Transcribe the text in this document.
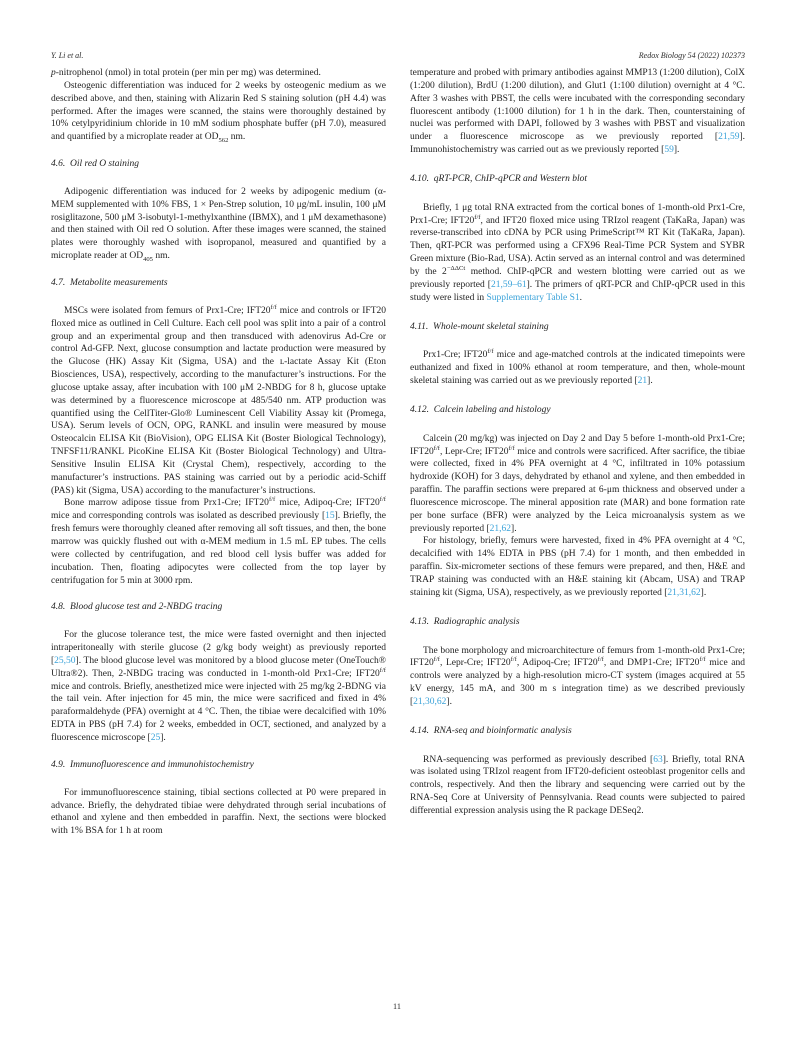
Y. Li et al.	Redox Biology 54 (2022) 102373

p-nitrophenol (nmol) in total protein (per min per mg) was determined.

Osteogenic differentiation was induced for 2 weeks by osteogenic medium as we described above, and then, staining with Alizarin Red S staining solution (pH 4.4) was performed. After the images were scanned, the stains were thoroughly destained by 10% cetylpyridinium chloride in 10 mM sodium phosphate buffer (pH 7.0), measured and quantified by a microplate reader at $OD_{562}$ nm.

4.6.  Oil red O staining

Adipogenic differentiation was induced for 2 weeks by adipogenic medium (α-MEM supplemented with 10% FBS, 1 × Pen-Strep solution, 10 μg/mL insulin, 100 μM rosiglitazone, 500 μM 3-isobutyl-1-methylxanthine (IBMX), and 1 μM dexamethasone) and then stained with Oil red O solution. After these images were scanned, the stained plates were thoroughly washed with isopropanol, measured and quantified by a microplate reader at $OD_{405}$ nm.

4.7.  Metabolite measurements

MSCs were isolated from femurs of Prx1-Cre; $IFT20^{f/f}$ mice and controls or IFT20 floxed mice as outlined in Cell Culture. Each cell pool was split into a pair of a control group and an experimental group and then transduced with adenovirus Ad-Cre or control Ad-GFP. Next, glucose consumption and lactate production were measured by the Glucose (HK) Assay Kit (Sigma, USA) and the ʟ-lactate Assay Kit (Eton Biosciences, USA), respectively, according to the manufacturer’s instructions. For the glucose uptake assay, after incubation with 100 μM 2-NBDG for 8 h, glucose uptake was determined by a fluorescence microscope at 485/540 nm. ATP production was quantified using the CellTiter-Glo® Luminescent Cell Viability Assay kit (Promega, USA). Serum levels of OCN, OPG, RANKL and insulin were measured by mouse Osteocalcin ELISA Kit (BioVision), OPG ELISA Kit (Boster Biological Technology), TNFSF11/RANKL PicoKine ELISA Kit (Boster Biological Technology) and Ultra-Sensitive Insulin ELISA Kit (Crystal Chem), respectively, according to the manufacturer’s instructions. PAS staining was carried out by a periodic acid-Schiff (PAS) kit (Sigma, USA) according to the manufacturer’s instructions.

Bone marrow adipose tissue from Prx1-Cre; $IFT20^{f/f}$ mice, Adipoq-Cre; $IFT20^{f/f}$ mice and corresponding controls was isolated as described previously [15]. Briefly, the fresh femurs were thoroughly cleaned after removing all soft tissues, and then, the bone marrow was quickly flushed out with α-MEM medium in 1.5 mL EP tubes. The cells were collected by centrifugation, and red blood cell lysis buffer was added for incubation. Then, floating adipocytes were collected from the top layer by centrifugation for 5 min at 3000 rpm.

4.8.  Blood glucose test and 2-NBDG tracing

For the glucose tolerance test, the mice were fasted overnight and then injected intraperitoneally with sterile glucose (2 g/kg body weight) as previously reported [25,50]. The blood glucose level was monitored by a blood glucose meter (OneTouch® Ultra®2). Then, 2-NBDG tracing was conducted in 1-month-old Prx1-Cre; $IFT20^{f/f}$ mice and controls. Briefly, anesthetized mice were injected with 25 mg/kg 2-BDNG via the tail vein. After injection for 45 min, the mice were sacrificed and fixed in 4% paraformaldehyde (PFA) overnight at 4 °C. Then, the tibiae were decalcified with 10% EDTA in PBS (pH 7.4) for 2 weeks, embedded in OCT, sectioned, and analyzed by a fluorescence microscope [25].

4.9.  Immunofluorescence and immunohistochemistry

For immunofluorescence staining, tibial sections collected at P0 were prepared in advance. Briefly, the dehydrated tibiae were dehydrated through serial incubations of ethanol and xylene and then embedded in paraffin. Next, the sections were blocked with 1% BSA for 1 h at room

temperature and probed with primary antibodies against MMP13 (1:200 dilution), ColX (1:200 dilution), BrdU (1:200 dilution), and Glut1 (1:100 dilution) overnight at 4 °C. After 3 washes with PBST, the cells were incubated with the corresponding secondary fluorescent antibody (1:1000 dilution) for 1 h in the dark. Then, counterstaining of nuclei was performed with DAPI, followed by 3 washes with PBST and visualization under a fluorescence microscope as we previously reported [21,59]. Immunohistochemistry was carried out as we previously reported [59].

4.10.  qRT-PCR, ChIP-qPCR and Western blot

Briefly, 1 μg total RNA extracted from the cortical bones of 1-month-old Prx1-Cre, Prx1-Cre; $IFT20^{f/f}$, and IFT20 floxed mice using TRIzol reagent (TaKaRa, Japan) was reverse-transcribed into cDNA by PCR using PrimeScript™ RT Kit (TaKaRa, Japan). Then, qRT-PCR was performed using a CFX96 Real-Time PCR System and SYBR Green mixture (Bio-Rad, USA). Actin served as an internal control and was determined by the $2^{-\Delta\Delta Ct}$ method. ChIP-qPCR and western blotting were carried out as we previously reported [21,59–61]. The primers of qRT-PCR and ChIP-qPCR used in this study were listed in Supplementary Table S1.

4.11.  Whole-mount skeletal staining

Prx1-Cre; $IFT20^{f/f}$ mice and age-matched controls at the indicated timepoints were euthanized and fixed in 100% ethanol at room temperature, and then, whole-mount skeletal staining was carried out as we previously reported [21].

4.12.  Calcein labeling and histology

Calcein (20 mg/kg) was injected on Day 2 and Day 5 before 1-month-old Prx1-Cre; $IFT20^{f/f}$, Lepr-Cre; $IFT20^{f/f}$ mice and controls were sacrificed. After sacrifice, the tibiae were collected, fixed in 4% PFA overnight at 4 °C, infiltrated in 10% potassium hydroxide (KOH) for 3 days, dehydrated by ethanol and xylene, and then embedded in paraffin. The paraffin sections were prepared at 6-μm thickness and observed under a fluorescence microscope. The mineral apposition rate (MAR) and bone formation rate per bone surface (BFR) were analyzed by the Leica microanalysis system as we previously reported [21,62].

For histology, briefly, femurs were harvested, fixed in 4% PFA overnight at 4 °C, decalcified with 14% EDTA in PBS (pH 7.4) for 1 month, and then embedded in paraffin. Six-micrometer sections of these femurs were prepared, and then, H&E and TRAP staining was conducted with an H&E staining kit (Abcam, USA) and TRAP staining kit (Sigma, USA), respectively, as we previously reported [21,31,62].

4.13.  Radiographic analysis

The bone morphology and microarchitecture of femurs from 1-month-old Prx1-Cre; $IFT20^{f/f}$, Lepr-Cre; $IFT20^{f/f}$, Adipoq-Cre; $IFT20^{f/f}$, and DMP1-Cre; $IFT20^{f/f}$ mice and controls were analyzed by a high-resolution micro-CT system (images acquired at 55 kV energy, 145 mA, and 300 m s integration time) as we described previously [21,30,62].

4.14.  RNA-seq and bioinformatic analysis

RNA-sequencing was performed as previously described [63]. Briefly, total RNA was isolated using TRIzol reagent from IFT20-deficient osteoblast progenitor cells and controls, respectively. And then the library and sequencing were carried out by the RNA-Seq Core at University of Pennsylvania. Read counts were subjected to paired differential expression analysis using the R package DESeq2.

11
